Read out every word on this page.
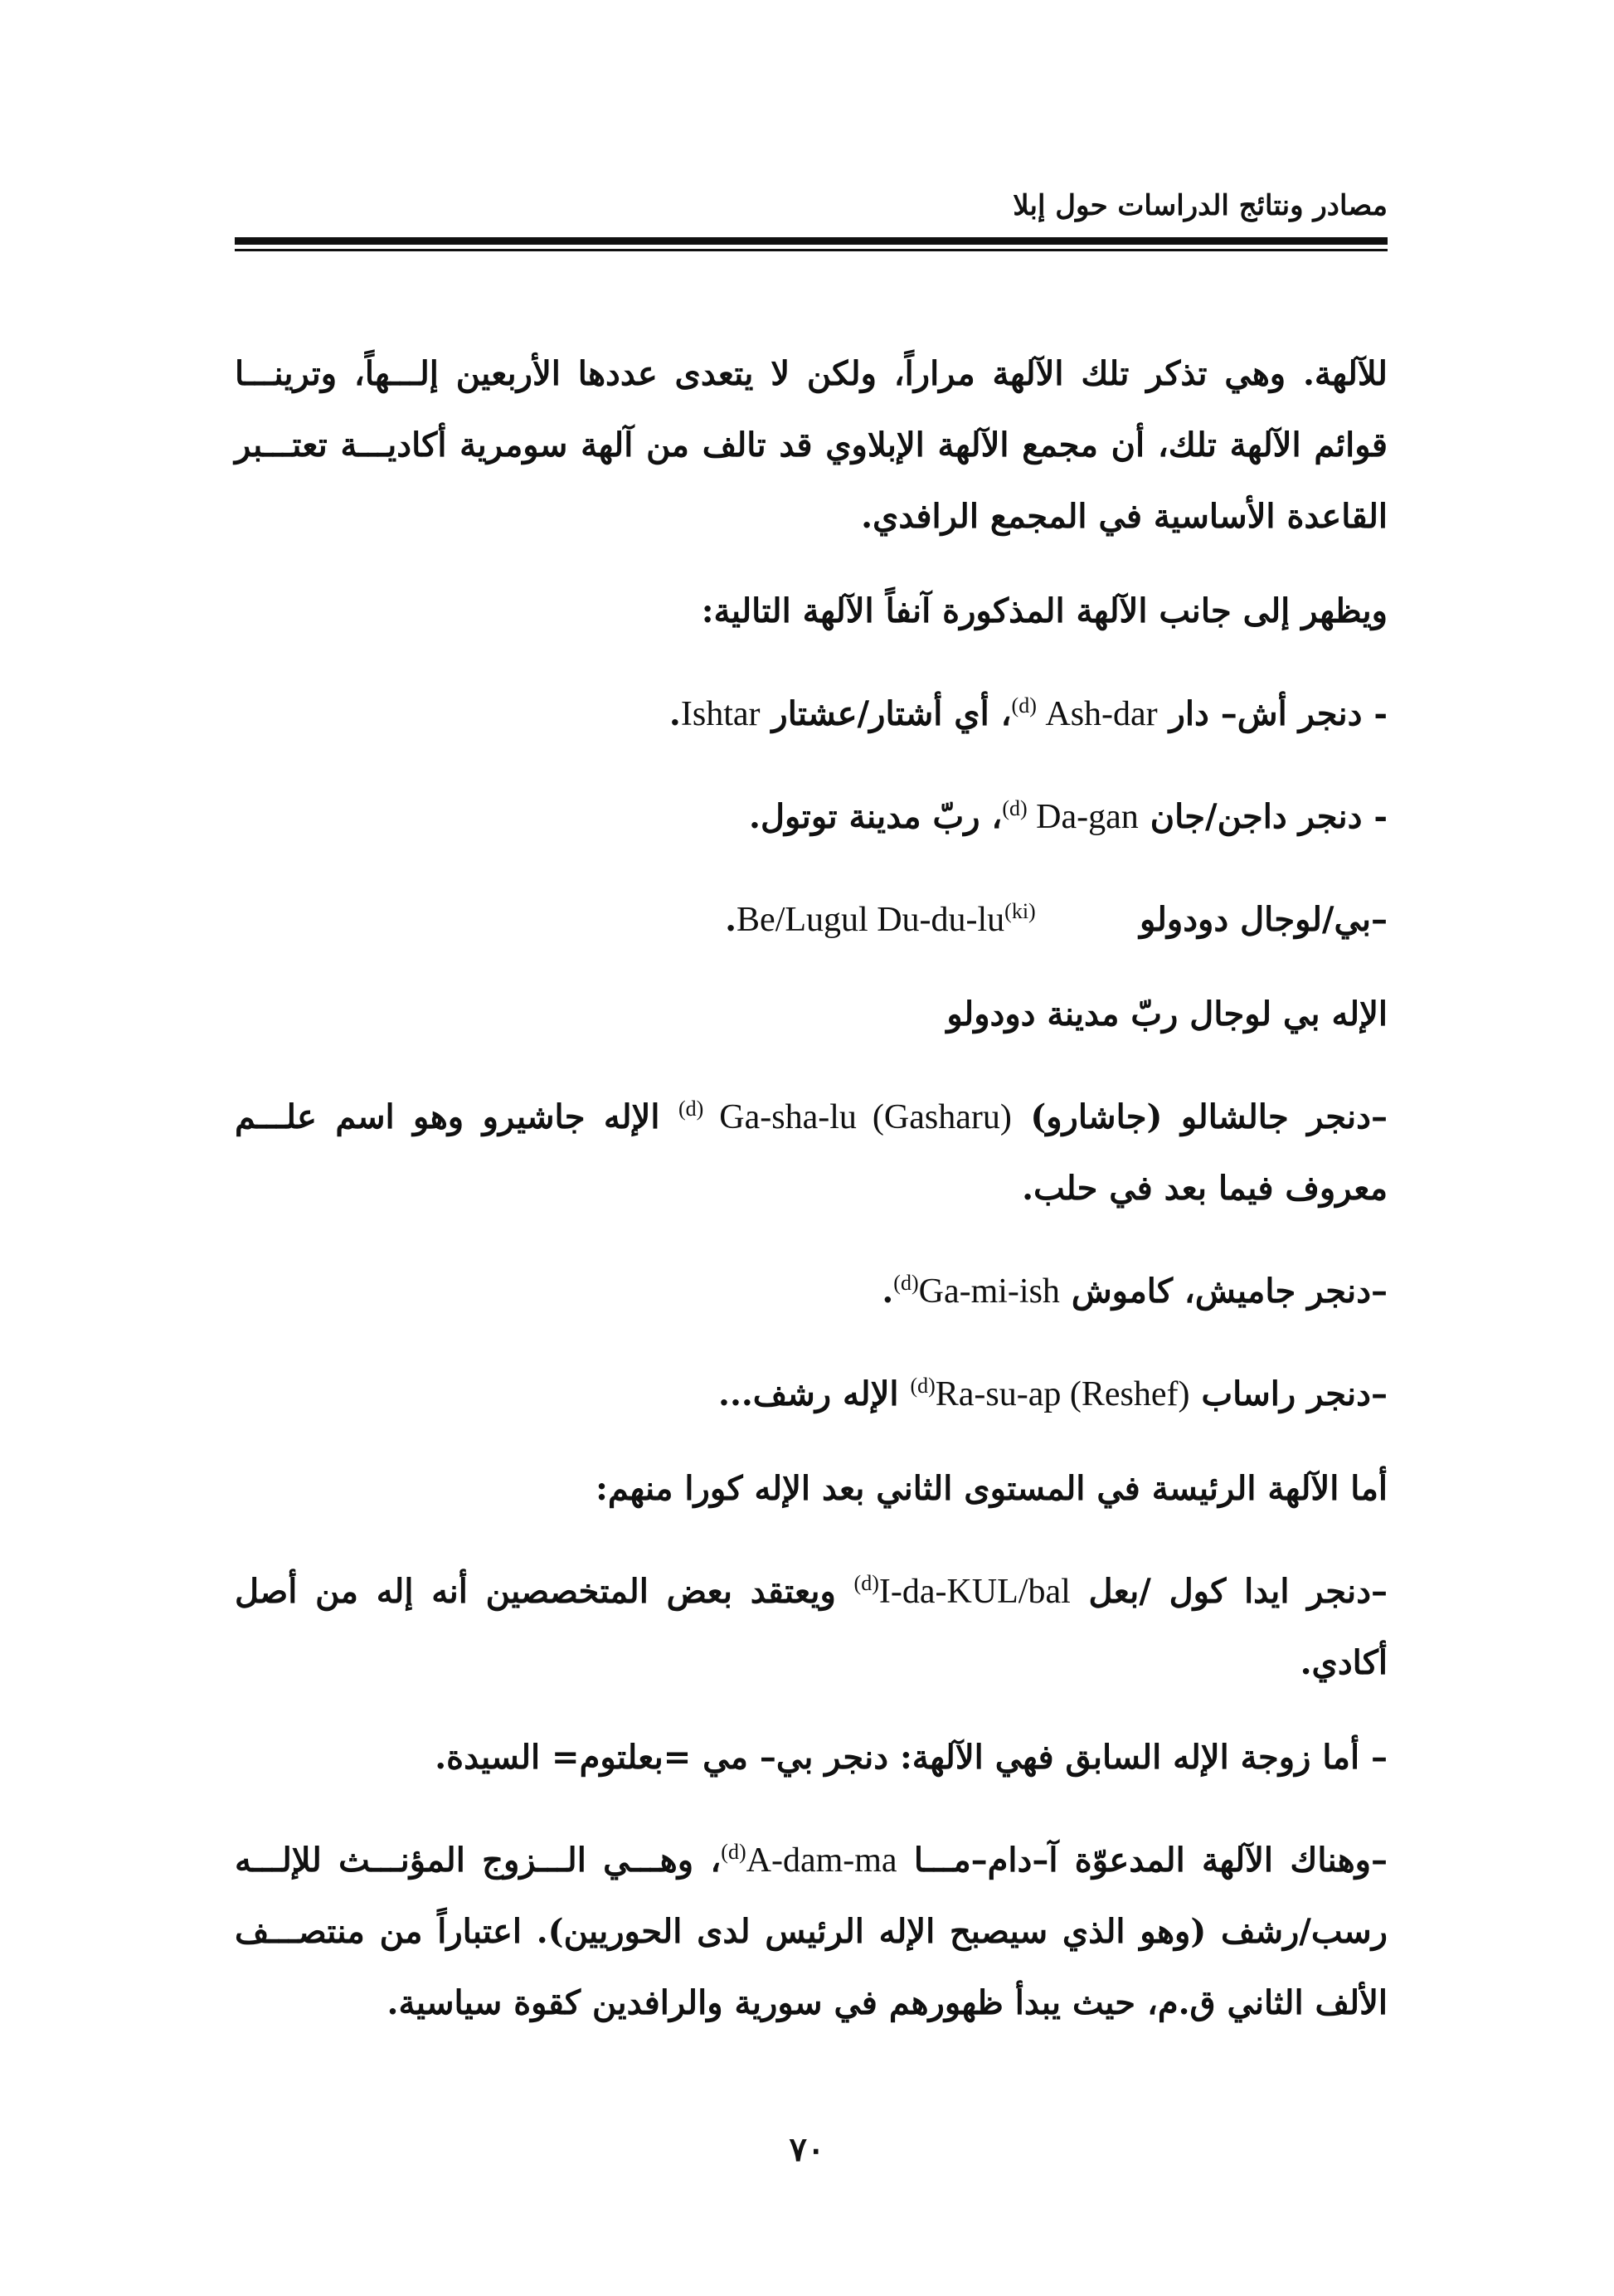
مصادر ونتائج الدراسات حول إبلا

للآلهة. وهي تذكر تلك الآلهة مراراً، ولكن لا يتعدى عددها الأربعين إلـــهاً، وترينـــا قوائم الآلهة تلك، أن مجمع الآلهة الإبلاوي قد تالف من آلهة سومرية أكاديـــة تعتـــبر القاعدة الأساسية في المجمع الرافدي.

ويظهر إلى جانب الآلهة المذكورة آنفاً الآلهة التالية:

- دنجر أش– دار $^{(d)}$ Ash-dar، أي أشتار/عشتار Ishtar.

- دنجر داجن/جان $^{(d)}$ Da-gan، ربّ مدينة توتول.

–بي/لوجال دودولو         Be/Lugul $Du-du-lu^{(ki)}$.

الإله بي لوجال ربّ مدينة دودولو

–دنجر جالشالو (جاشارو) $^{(d)}$ Ga-sha-lu (Gasharu) الإله جاشيرو وهو اسم علـــم معروف فيما بعد في حلب.

–دنجر جاميش، كاموش $^{(d)}$Ga-mi-ish.

–دنجر راساب $^{(d)}$Ra-su-ap (Reshef) الإله رشف...

أما الآلهة الرئيسة في المستوى الثاني بعد الإله كورا منهم:

–دنجر ايدا كول /بعل $^{(d)}$I-da-KUL/bal ويعتقد بعض المتخصصين أنه إله من أصل أكادي.

– أما زوجة الإله السابق فهي الآلهة: دنجر بي– مي =بعلتوم= السيدة.

–وهناك الآلهة المدعوّة آ–دام–مـــا $^{(d)}$A-dam-ma، وهـــي الـــزوج المؤنـــث للإلـــه رسب/رشف (وهو الذي سيصبح الإله الرئيس لدى الحوريين). اعتباراً من منتصـــف الألف الثاني ق.م، حيث يبدأ ظهورهم في سورية والرافدين كقوة سياسية.

٧٠
